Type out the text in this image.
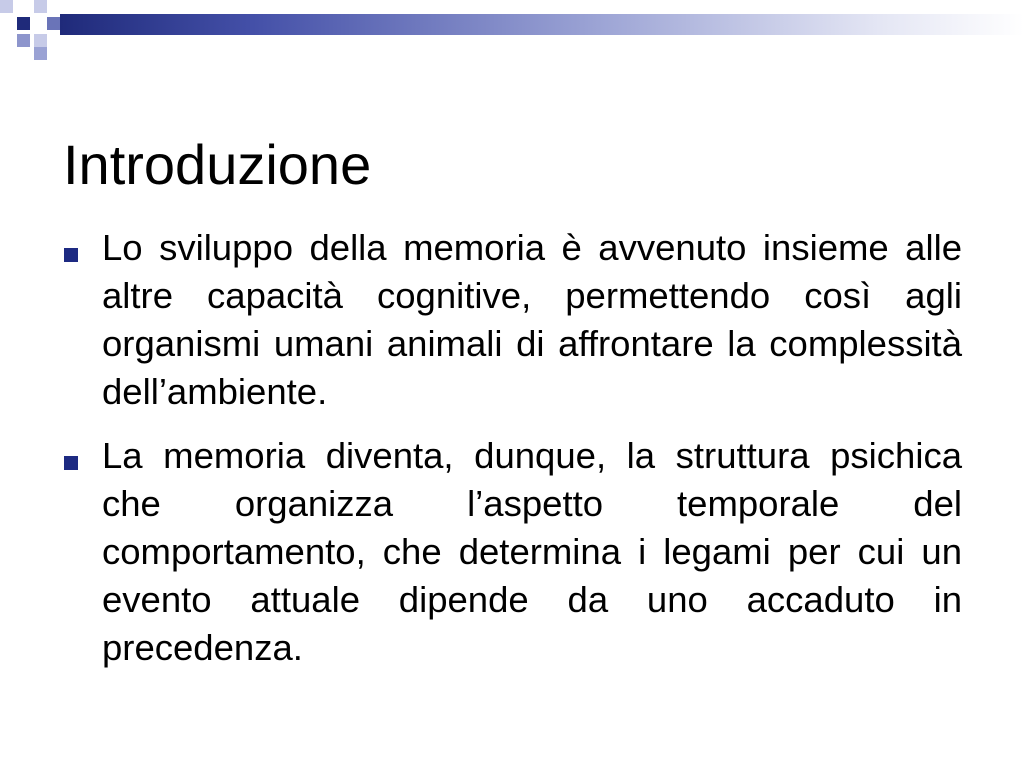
Introduzione
Lo sviluppo della memoria è avvenuto insieme alle altre capacità cognitive, permettendo così agli organismi umani animali di affrontare la complessità dell’ambiente.
La memoria diventa, dunque, la struttura psichica che organizza l’aspetto temporale del comportamento, che determina i legami per cui un evento attuale dipende da uno accaduto in precedenza.
